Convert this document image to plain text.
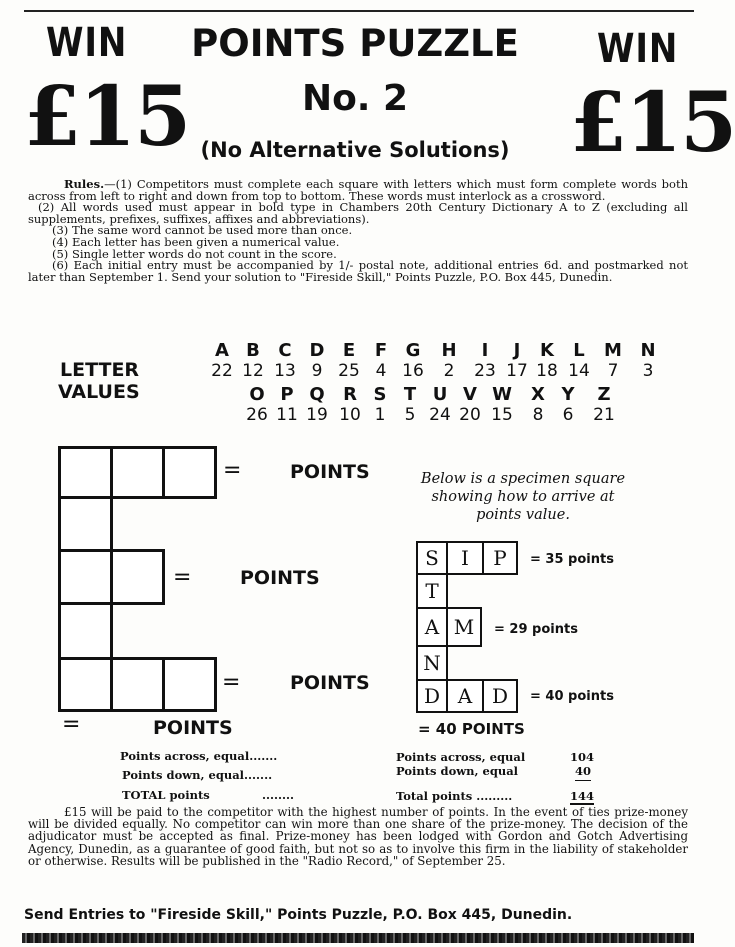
WIN	WIN
£15	£15
POINTS PUZZLE
No. 2
(No Alternative Solutions)

Rules.—(1) Competitors must complete each square with letters which must form complete words both across from left to right and down from top to bottom. These words must interlock as a crossword.

(2) All words used must appear in bold type in Chambers 20th Century Dictionary A to Z (excluding all supplements, prefixes, suffixes, affixes and abbreviations).

(3) The same word cannot be used more than once.

(4) Each letter has been given a numerical value.

(5) Single letter words do not count in the score.

(6) Each initial entry must be accompanied by 1/- postal note, additional entries 6d. and postmarked not later than September 1. Send your solution to "Fireside Skill," Points Puzzle, P.O. Box 445, Dunedin.

LETTER
VALUES
A
22
B
12
C
13
D
9
E
25
F
4
G
16
H
2
I
23
J
17
K
18
L
14
M
7
N
3
O
26
P
11
Q
19
R
10
S
1
T
5
U
24
V
20
W
15
X
8
Y
6
Z
21
=	POINTS
=	POINTS
=	POINTS
=	POINTS
Points across, equal.......
Points down, equal.......
TOTAL points	........
Below is a specimen square
showing how to arrive at
points value.
S	I	P
T
A M
N
D A D
= 35 points
= 29 points
= 40 points
= 40 POINTS
Points across, equal	104
Points down, equal	40
Total points .........	144
£15 will be paid to the competitor with the highest number of points. In the event of ties prize-money will be divided equally. No competitor can win more than one share of the prize-money. The decision of the adjudicator must be accepted as final. Prize-money has been lodged with Gordon and Gotch Advertising Agency, Dunedin, as a guarantee of good faith, but not so as to involve this firm in the liability of stakeholder or otherwise. Results will be published in the "Radio Record," of September 25.
Send Entries to "Fireside Skill," Points Puzzle, P.O. Box 445, Dunedin.
